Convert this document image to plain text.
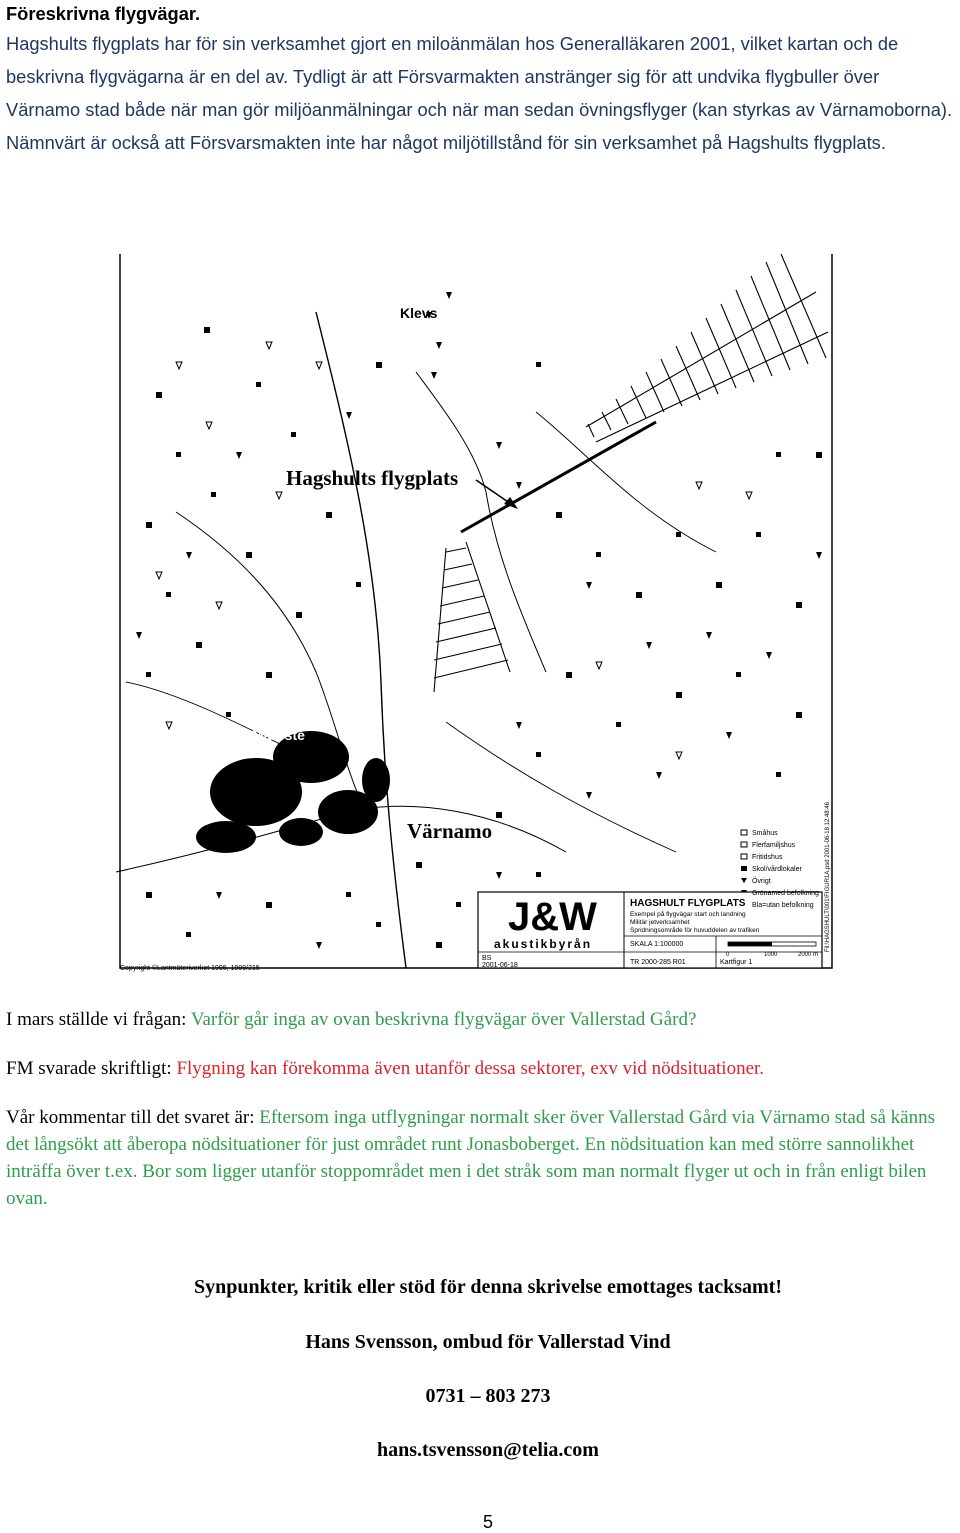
Föreskrivna flygvägar.
Hagshults flygplats har för sin verksamhet gjort en miloänmälan hos Generalläkaren 2001, vilket kartan och de beskrivna flygvägarna är en del av. Tydligt är att Försvarmakten anstränger sig för att undvika flygbuller över Värnamo stad både när man gör miljöanmälningar och när man sedan övningsflyger (kan styrkas av Värnamoborna). Nämnvärt är också att Försvarsmakten inte har något miljötillstånd för sin verksamhet på Hagshults flygplats.
Hagshults flygplats
Värnamo
Klevs
Maarste
Småhus
Flerfamiljshus
Fritidshus
Skol/vårdlokaler
Övrigt
Grönamed befolkning
Bla=utan befolkning
J&W
akustikbyrån
HAGSHULT FLYGPLATS
Exempel på flygvägar start och landning
Militär jetverksamhet
Spridningsområde för huvuddelen av trafiken
SKALA 1:100000
0	1000	2000 m
TR 2000-285 R01	Kartfigur 1
BS
2001-06-18
Copyright ©Lantmäteriverket 1995, 1999/215
Fil:\HAGSHULT\001\FIGUR1A.psd 2001-06-18 12:48:46

I mars ställde vi frågan: Varför går inga av ovan beskrivna flygvägar över Vallerstad Gård?

FM svarade skriftligt: Flygning kan förekomma även utanför dessa sektorer, exv vid nödsituationer.

Vår kommentar till det svaret är: Eftersom inga utflygningar normalt sker över Vallerstad Gård via Värnamo stad så känns det långsökt att åberopa nödsituationer för just området runt Jonasboberget. En nödsituation kan med större sannolikhet inträffa över t.ex. Bor som ligger utanför stoppområdet men i det stråk som man normalt flyger ut och in från enligt bilen ovan.

Synpunkter, kritik eller stöd för denna skrivelse emottages tacksamt!
Hans Svensson, ombud för Vallerstad Vind
0731 – 803 273
hans.tsvensson@telia.com
5
